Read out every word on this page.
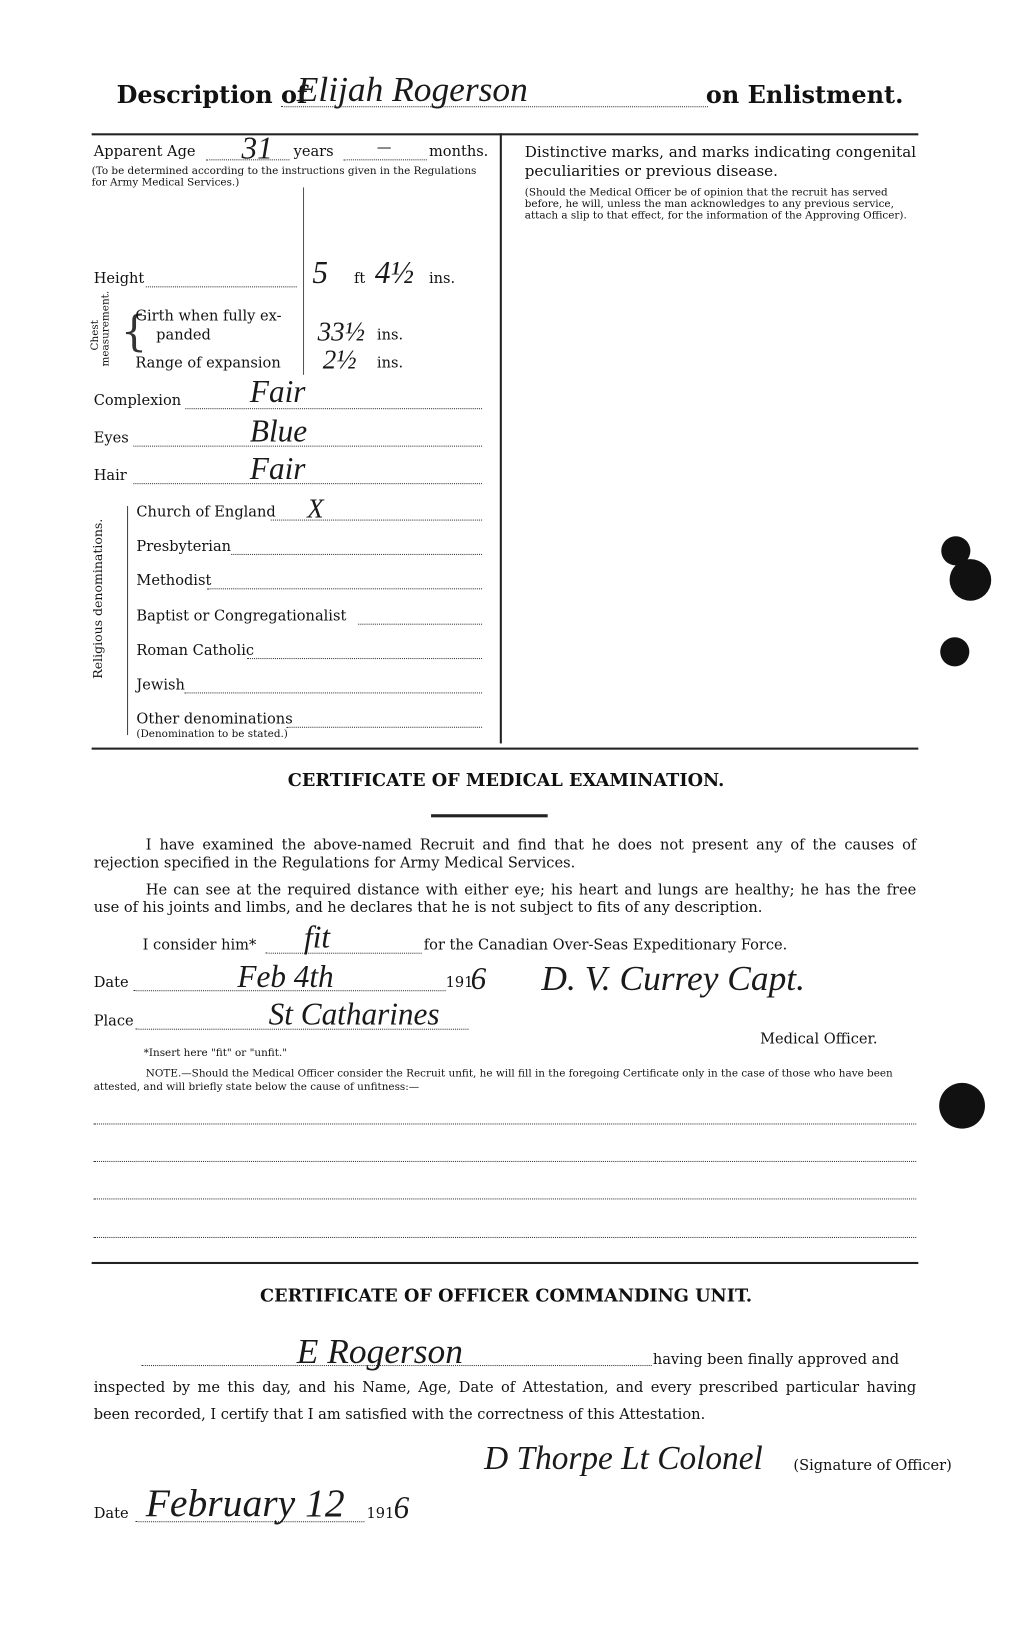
Description of
Elijah Rogerson	on Enlistment.
Apparent Age 31 years	—	months.
(To be determined according to the instructions given in the Regulations for Army Medical Services.)
Height	5 ft 4½ ins.
Chest measurement. {
Girth when fully ex-
panded	33½ ins.
Range of expansion 2½ ins.
Complexion Fair
Eyes	Blue
Hair	Fair
Religious denominations.
Church of England X
Presbyterian
Methodist
Baptist or Congregationalist
Roman Catholic
Jewish
Other denominations
(Denomination to be stated.)
Distinctive marks, and marks indicating congenital peculiarities or previous disease.
(Should the Medical Officer be of opinion that the recruit has served before, he will, unless the man acknowledges to any previous service, attach a slip to that effect, for the information of the Approving Officer).
CERTIFICATE OF MEDICAL EXAMINATION.
I have examined the above-named Recruit and find that he does not present any of the causes of rejection specified in the Regulations for Army Medical Services.
He can see at the required distance with either eye; his heart and lungs are healthy; he has the free use of his joints and limbs, and he declares that he is not subject to fits of any description.
I consider him* fit	for the Canadian Over-Seas Expeditionary Force.
Date	Feb 4th	191
6
Place	St Catharines
D. V. Currey Capt.
Medical Officer.
*Insert here "fit" or "unfit."
NOTE.—Should the Medical Officer consider the Recruit unfit, he will fill in the foregoing Certificate only in the case of those who have been attested, and will briefly state below the cause of unfitness:—
CERTIFICATE OF OFFICER COMMANDING UNIT.
E Rogerson	having been finally approved and
inspected by me this day, and his Name, Age, Date of Attestation, and every prescribed particular having
been recorded, I certify that I am satisfied with the correctness of this Attestation.
D Thorpe Lt Colonel (Signature of Officer)
Date February 12 191 6
